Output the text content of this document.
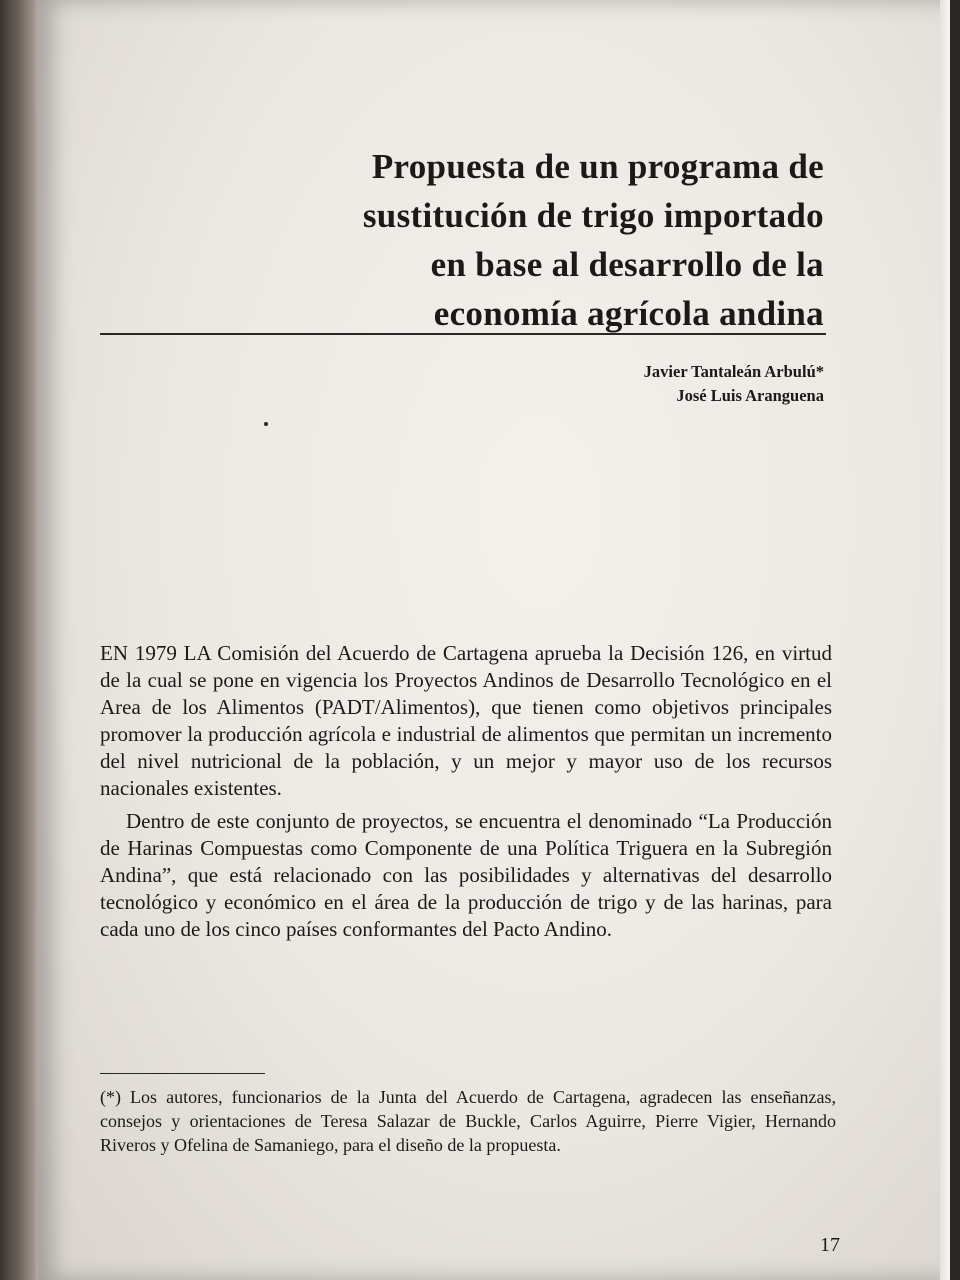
Propuesta de un programa de
sustitución de trigo importado
en base al desarrollo de la
economía agrícola andina
Javier Tantaleán Arbulú*
José Luis Aranguena

EN 1979 LA Comisión del Acuerdo de Cartagena aprueba la Decisión 126, en virtud de la cual se pone en vigencia los Proyectos Andinos de Desarrollo Tecnológico en el Area de los Alimentos (PADT/Alimentos), que tienen como objetivos principales promover la producción agrícola e industrial de alimentos que permitan un incremento del nivel nutricional de la población, y un mejor y mayor uso de los recursos nacionales existentes.

Dentro de este conjunto de proyectos, se encuentra el denominado “La Producción de Harinas Compuestas como Componente de una Política Triguera en la Subregión Andina”, que está relacionado con las posibilidades y alternativas del desarrollo tecnológico y económico en el área de la producción de trigo y de las harinas, para cada uno de los cinco países conformantes del Pacto Andino.

(*) Los autores, funcionarios de la Junta del Acuerdo de Cartagena, agradecen las enseñanzas, consejos y orientaciones de Teresa Salazar de Buckle, Carlos Aguirre, Pierre Vigier, Hernando Riveros y Ofelina de Samaniego, para el diseño de la propuesta.

17
